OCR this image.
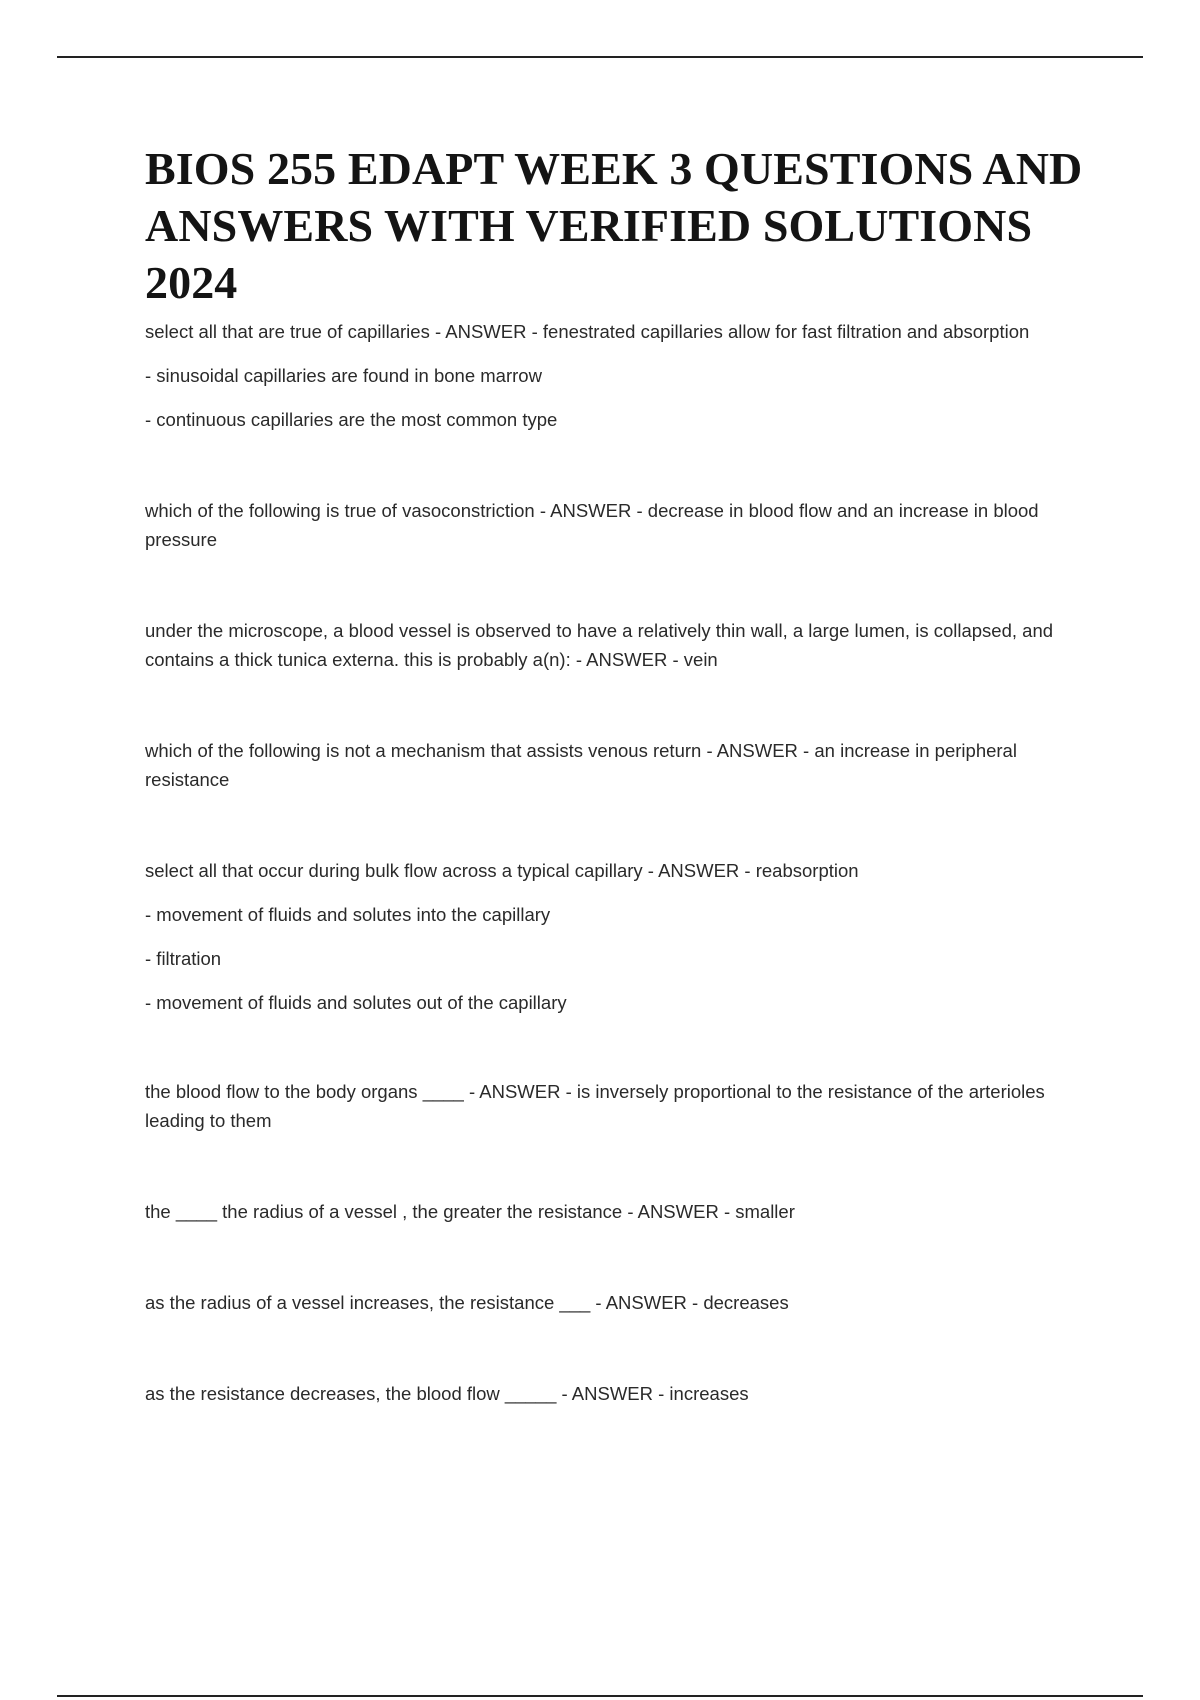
BIOS 255 EDAPT WEEK 3 QUESTIONS AND ANSWERS WITH VERIFIED SOLUTIONS 2024

select all that are true of capillaries - ANSWER - fenestrated capillaries allow for fast filtration and absorption

- sinusoidal capillaries are found in bone marrow

- continuous capillaries are the most common type

which of the following is true of vasoconstriction - ANSWER - decrease in blood flow and an increase in blood pressure

under the microscope, a blood vessel is observed to have a relatively thin wall, a large lumen, is collapsed, and contains a thick tunica externa. this is probably a(n): - ANSWER - vein

which of the following is not a mechanism that assists venous return - ANSWER - an increase in peripheral resistance

select all that occur during bulk flow across a typical capillary - ANSWER - reabsorption

- movement of fluids and solutes into the capillary

- filtration

- movement of fluids and solutes out of the capillary

the blood flow to the body organs ____ - ANSWER - is inversely proportional to the resistance of the arterioles leading to them

the ____ the radius of a vessel , the greater the resistance - ANSWER - smaller

as the radius of a vessel increases, the resistance ___ - ANSWER - decreases

as the resistance decreases, the blood flow _____ - ANSWER - increases
